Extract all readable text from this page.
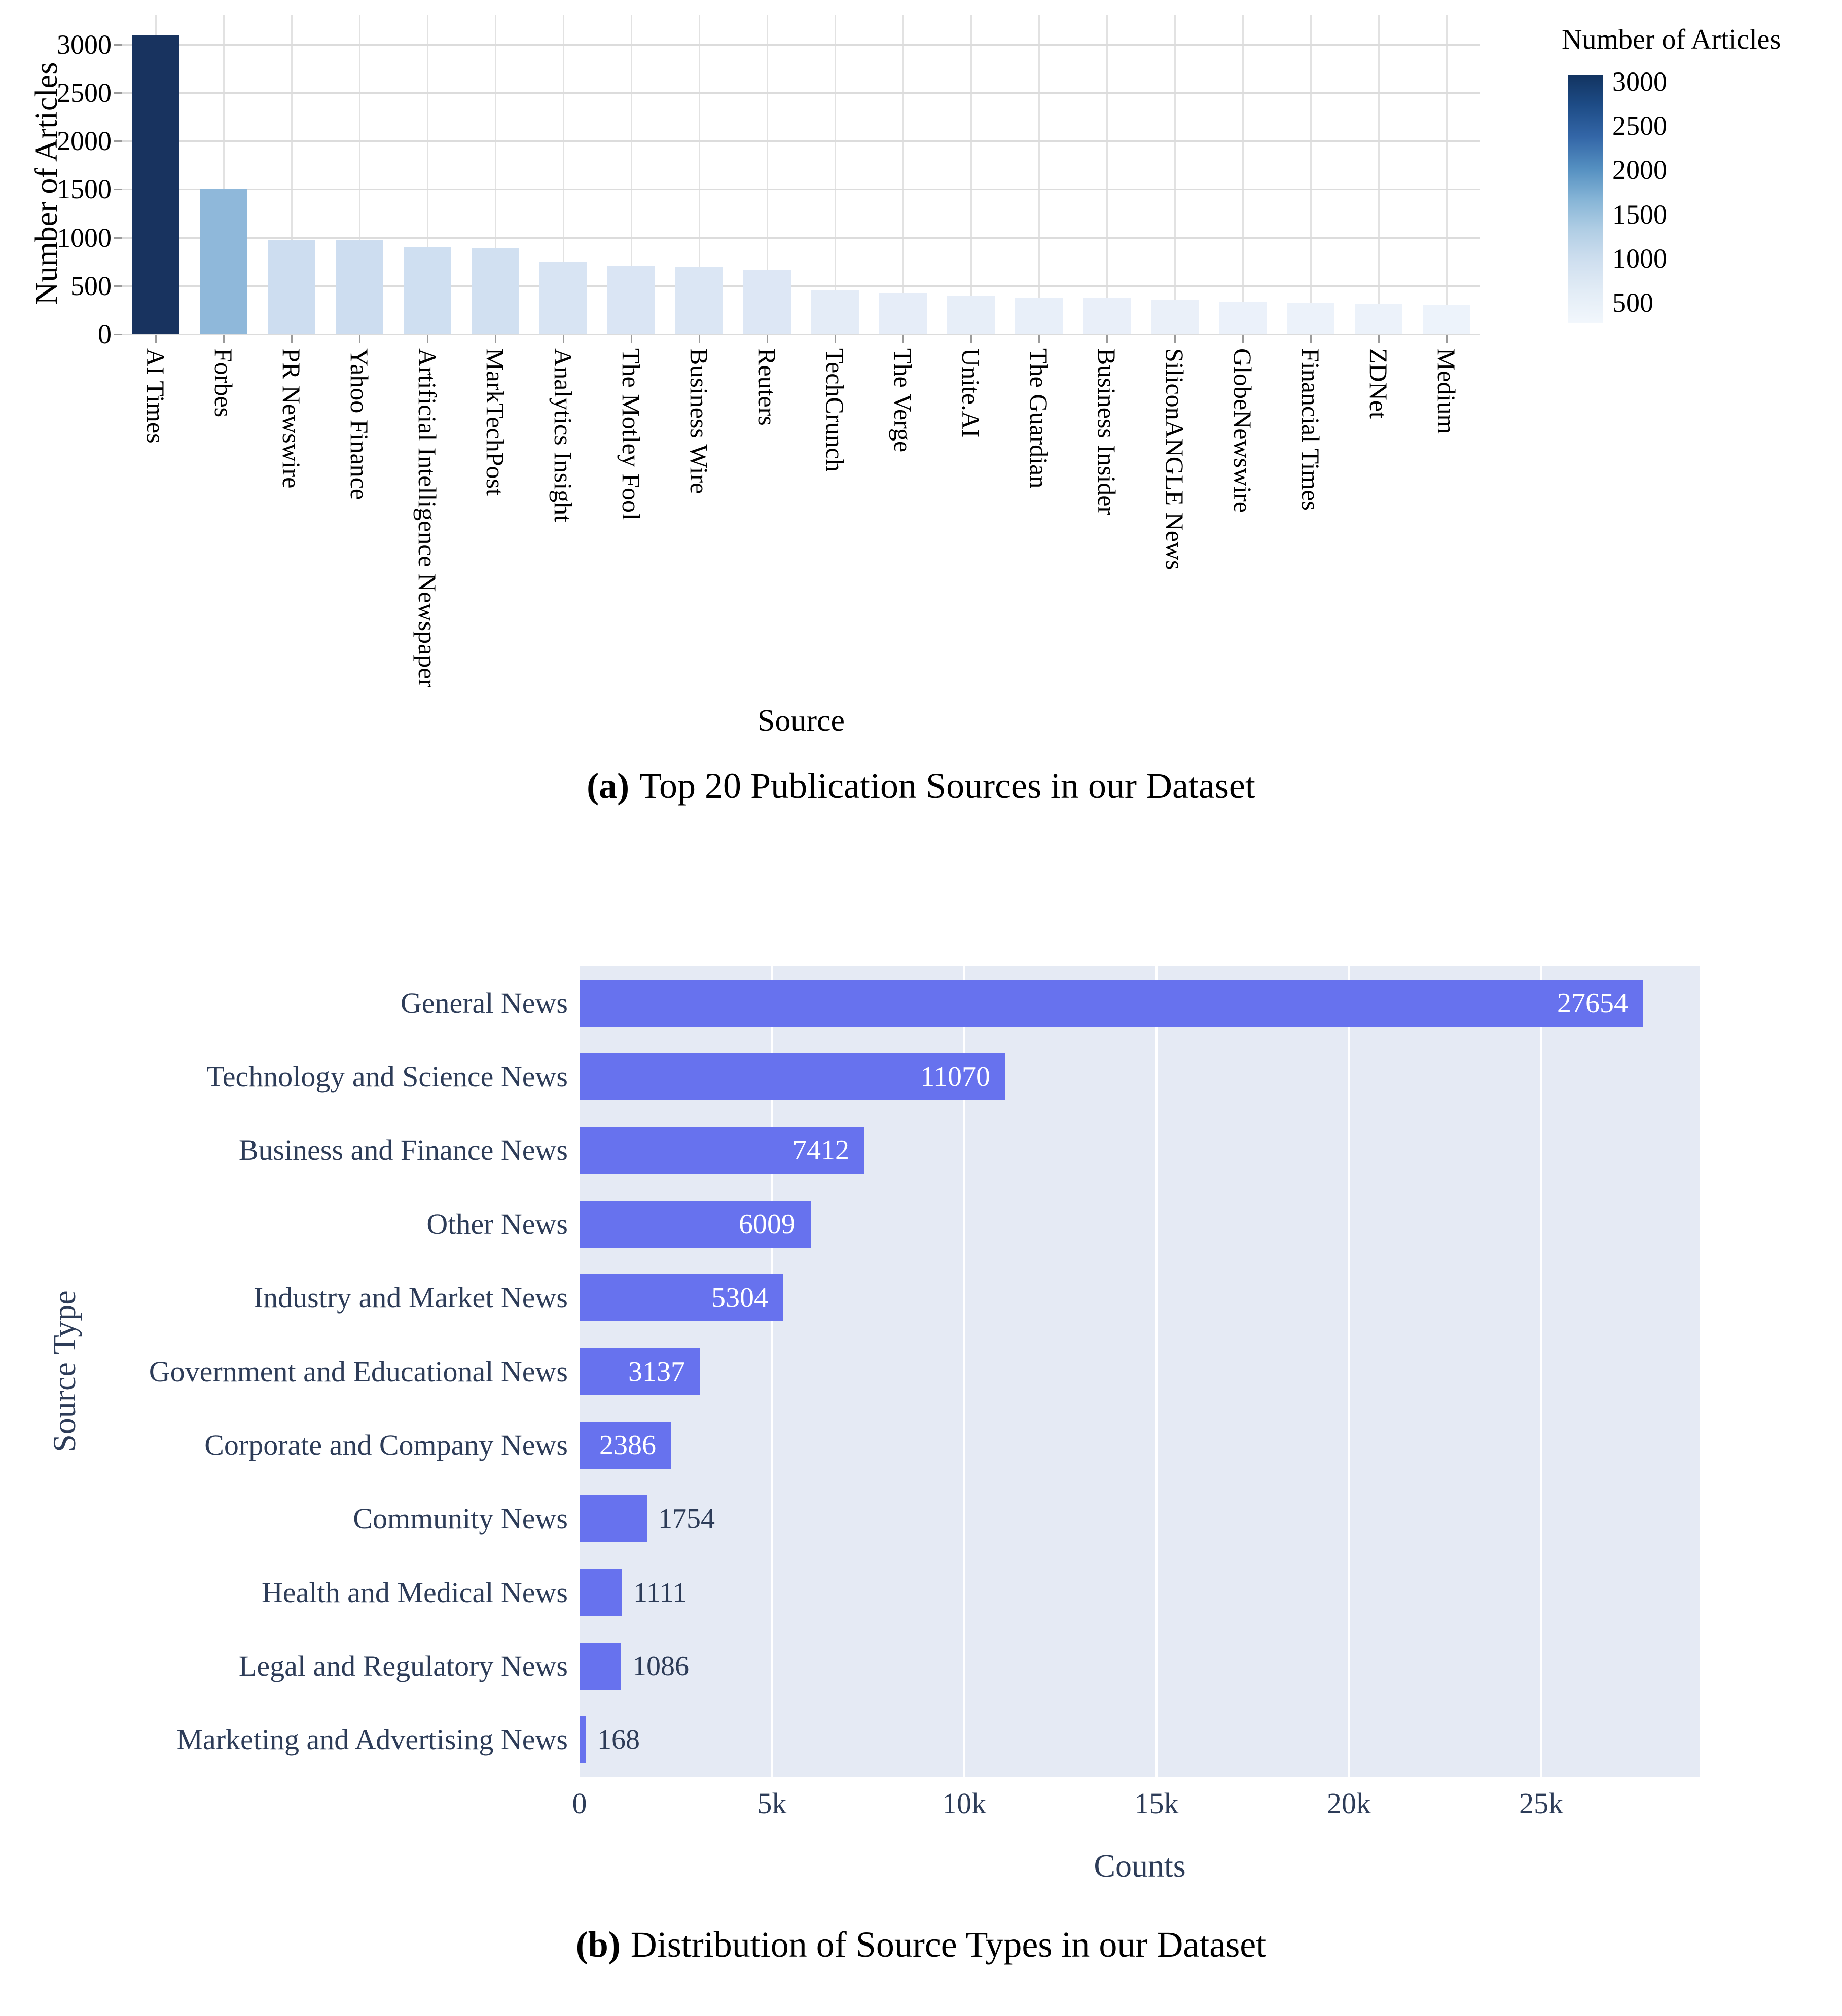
Number of Articles
Source
Number of Articles
3000
2500
2000
1500
1000
500
0
500
1000
1500
2000
2500
3000
AI Times Forbes PR Newswire Yahoo Finance Artificial Intelligence Newspaper MarkTechPost Analytics Insight The Motley Fool Business Wire Reuters TechCrunch The Verge Unite.AI The Guardian Business Insider SiliconANGLE News GlobeNewswire Financial Times ZDNet Medium
(a) Top 20 Publication Sources in our Dataset
0	5k	10k	15k	20k	25k
General News	27654
Technology and Science News	11070
Business and Finance News	7412
Other News	6009
Industry and Market News	5304
Government and Educational News	3137
Corporate and Company News	2386
Community News	1754
Health and Medical News 1111
Legal and Regulatory News 1086
Marketing and Advertising News 168
Source Type
Counts
(b) Distribution of Source Types in our Dataset
